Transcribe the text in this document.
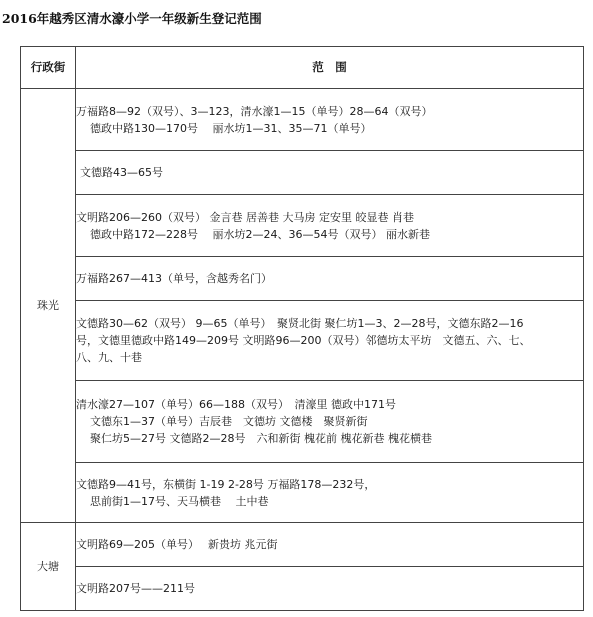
2016年越秀区清水濠小学一年级新生登记范围
行政街	范　围
珠光	万福路8—92（双号）、3—123，清水濠1—15（单号）28—64（双号）
德政中路130—170号　 丽水坊1—31、35—71（单号）

	文德路43—65号

	文明路206—260（双号） 金言巷 居善巷 大马房 定安里 皎显巷 肖巷
德政中路172—228号　 丽水坊2—24、36—54号（双号） 丽水新巷

	万福路267—413（单号，含越秀名门）

	文德路30—62（双号） 9—65（单号）　聚贤北街 聚仁坊1—3、2—28号，文德东路2—16
号，文德里德政中路149—209号 文明路96—200（双号）邻德坊太平坊　文德五、六、七、
八、九、十巷

	清水濠27—107（单号）66—188（双号）　清濠里 德政中171号
文德东1—37（单号）吉辰巷　文德坊 文德楼　聚贤新街
聚仁坊5—27号 文德路2—28号　六和新街 槐花前 槐花新巷 槐花横巷

	文德路9—41号，东横街 1-19 2-28号 万福路178—232号，
思前街1—17号、天马横巷　 土中巷

大塘	文明路69—205（单号）　 新贵坊 兆元街

	文明路207号——211号
